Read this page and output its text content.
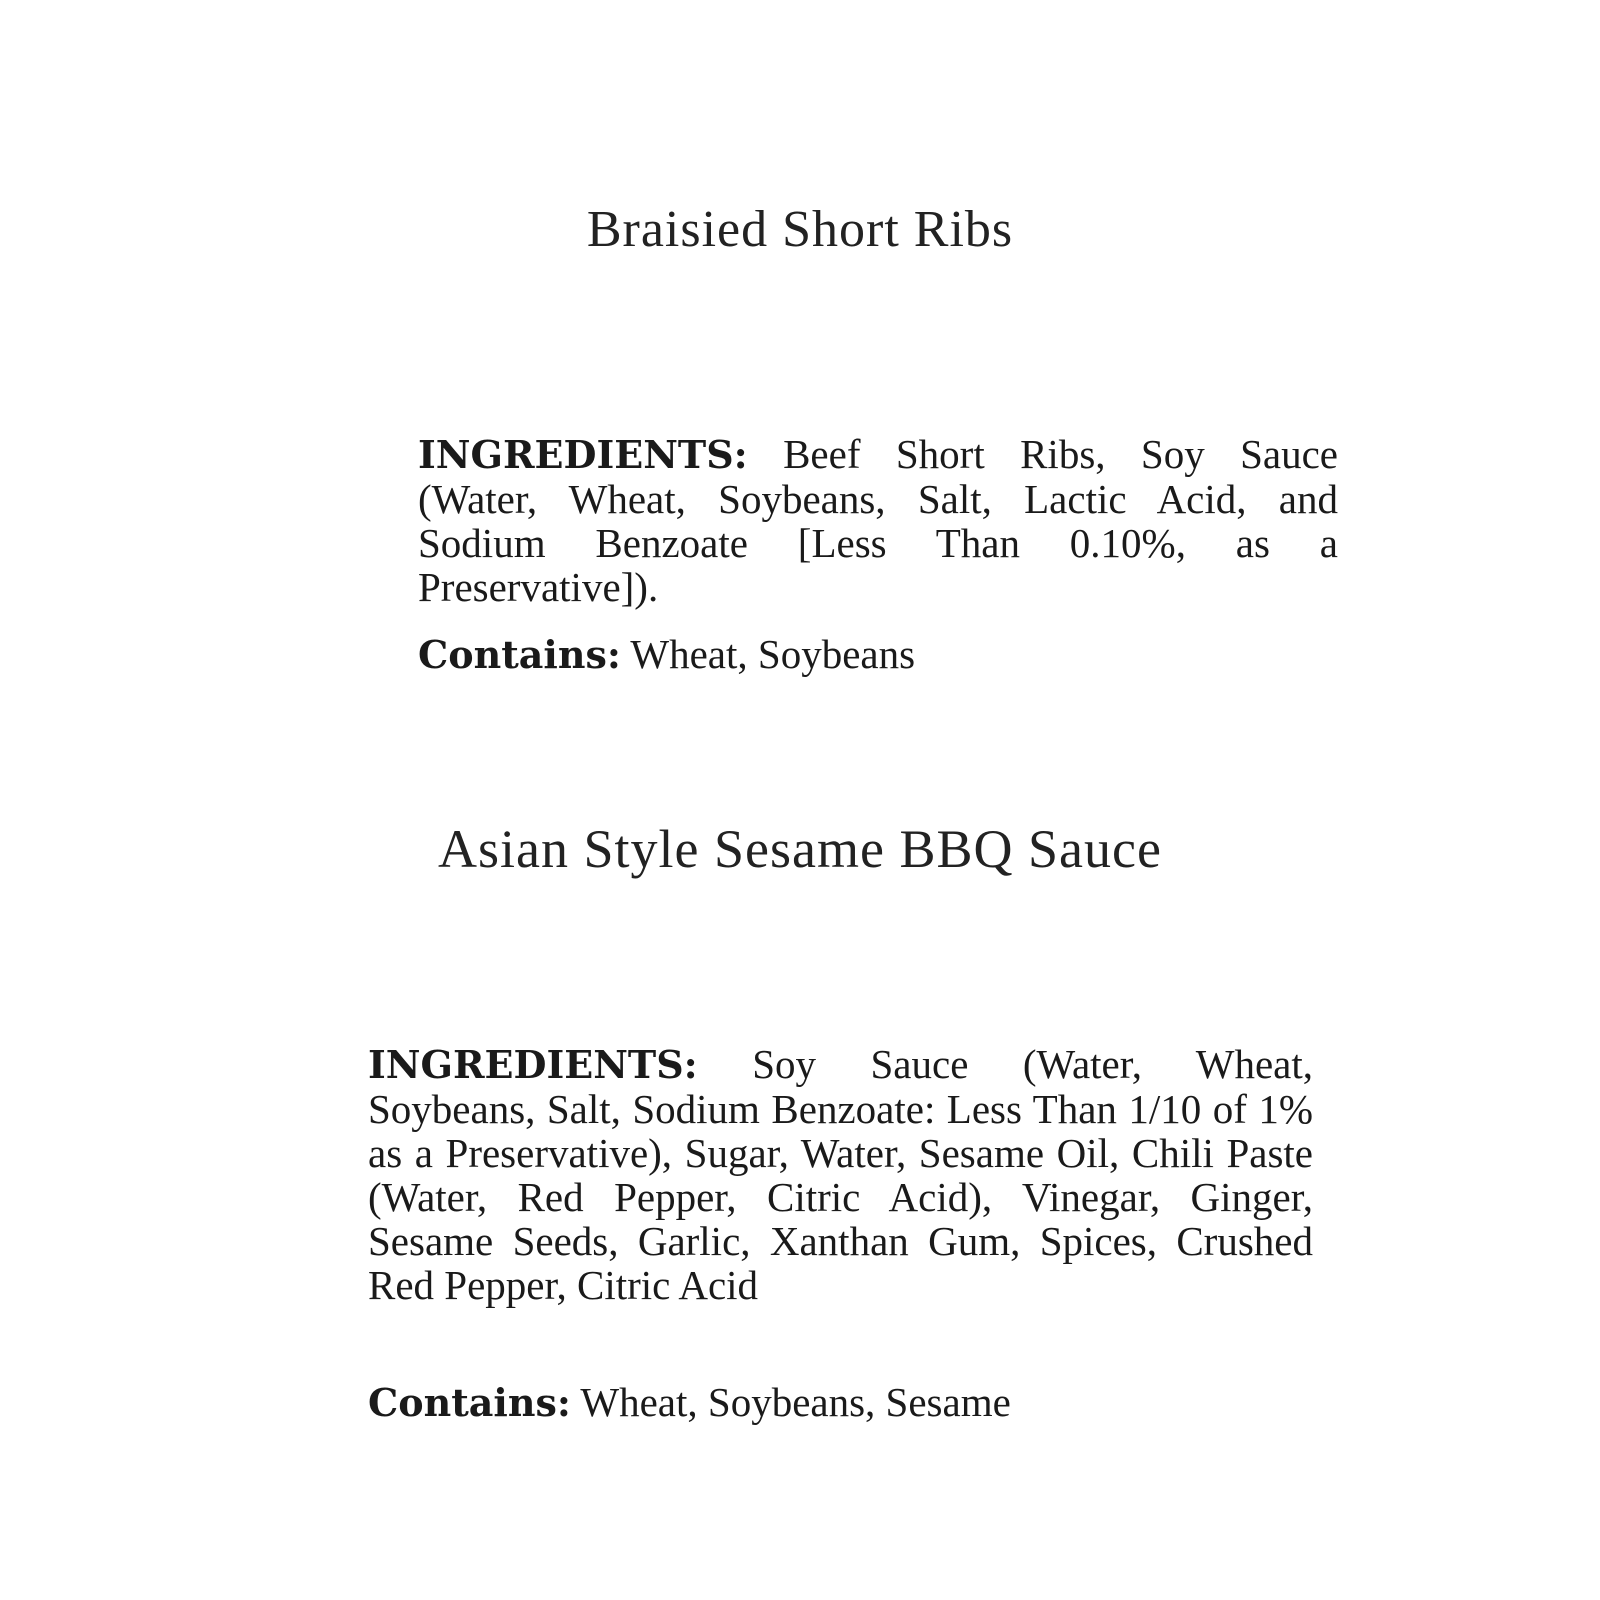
Braisied Short Ribs

INGREDIENTS: Beef Short Ribs, Soy Sauce (Water, Wheat, Soybeans, Salt, Lactic Acid, and Sodium Benzoate [Less Than 0.10%, as a Preservative]).

Contains: Wheat, Soybeans

Asian Style Sesame BBQ Sauce

INGREDIENTS: Soy Sauce (Water, Wheat, Soybeans, Salt, Sodium Benzoate: Less Than 1/10 of 1% as a Preservative), Sugar, Water, Sesame Oil, Chili Paste (Water, Red Pepper, Citric Acid), Vinegar, Ginger, Sesame Seeds, Garlic, Xanthan Gum, Spices, Crushed Red Pepper, Citric Acid

Contains: Wheat, Soybeans, Sesame
